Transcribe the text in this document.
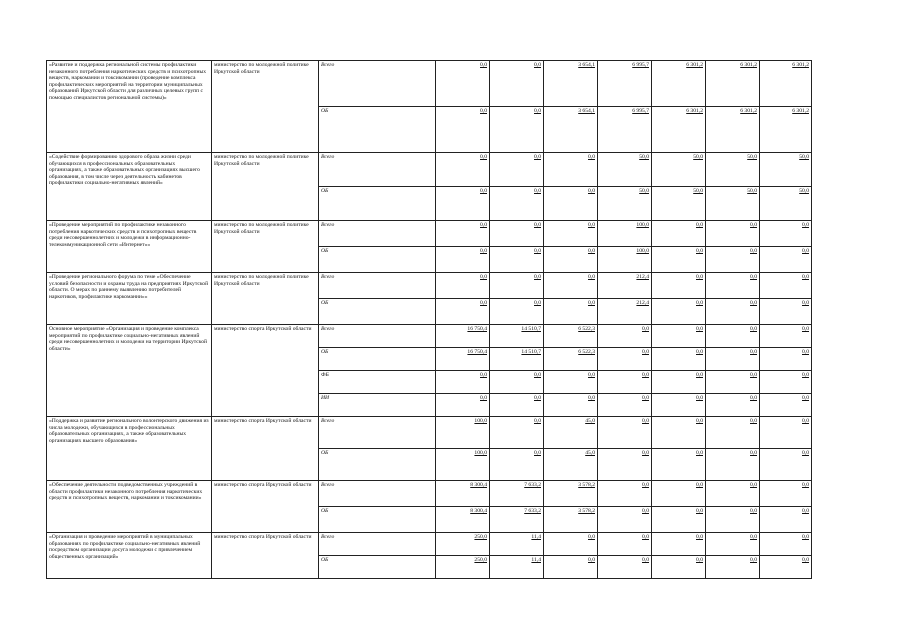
«Развитие и поддержка региональной системы профилактики незаконного потребления наркотических средств и психотропных веществ, наркомании и токсикомании (проведение комплекса профилактических мероприятий на территории муниципальных образований Иркутской области для различных целевых групп с помощью специалистов региональной системы)»	министерство по молодежной политике Иркутской области	Всего	0,0	0,0	3 654,1	6 995,7	6 301,2	6 301,2	6 301,2
		ОБ	0,0	0,0	3 654,1	6 995,7	6 301,2	6 301,2	6 301,2
«Содействие формированию здорового образа жизни среди обучающихся в профессиональных образовательных организациях, а также образовательных организациях высшего образования, в том числе через деятельность кабинетов профилактики социально-негативных явлений»	министерство по молодежной политике Иркутской области	Всего	0,0	0,0	0,0	50,0	50,0	50,0	50,0
		ОБ	0,0	0,0	0,0	50,0	50,0	50,0	50,0
«Проведение мероприятий по профилактике незаконного потребления наркотических средств и психотропных веществ среди несовершеннолетних и молодежи в информационно-телекоммуникационной сети «Интернет»»	министерство по молодежной политике Иркутской области	Всего	0,0	0,0	0,0	100,0	0,0	0,0	0,0
		ОБ	0,0	0,0	0,0	100,0	0,0	0,0	0,0
«Проведение регионального форума по теме «Обеспечение условий безопасности и охраны труда на предприятиях Иркутской области. О мерах по раннему выявлению потребителей наркотиков, профилактике наркомании»»	министерство по молодежной политике Иркутской области	Всего	0,0	0,0	0,0	212,4	0,0	0,0	0,0
		ОБ	0,0	0,0	0,0	212,4	0,0	0,0	0,0
Основное мероприятие «Организация и проведение комплекса мероприятий по профилактике социально-негативных явлений среди несовершеннолетних и молодежи на территории Иркутской области»	министерство спорта Иркутской области	Всего	16 750,4	14 510,7	6 522,3	0,0	0,0	0,0	0,0
		ОБ	16 750,4	14 510,7	6 522,3	0,0	0,0	0,0	0,0
		ФБ	0,0	0,0	0,0	0,0	0,0	0,0	0,0
		ИИ	0,0	0,0	0,0	0,0	0,0	0,0	0,0
«Поддержка и развитие регионального волонтерского движения из числа молодежи, обучающихся в профессиональных образовательных организациях, а также образовательных организациях высшего образования»	министерство спорта Иркутской области	Всего	100,0	0,0	45,0	0,0	0,0	0,0	0,0
		ОБ	100,0	0,0	45,0	0,0	0,0	0,0	0,0
«Обеспечение деятельности подведомственных учреждений в области профилактики незаконного потребления наркотических средств и психотропных веществ, наркомании и токсикомании»	министерство спорта Иркутской области	Всего	8 300,4	7 633,2	3 578,2	0,0	0,0	0,0	0,0
		ОБ	8 300,4	7 633,2	3 578,2	0,0	0,0	0,0	0,0
«Организация и проведение мероприятий в муниципальных образованиях по профилактике социально-негативных явлений посредством организации досуга молодежи с привлечением общественных организаций»	министерство спорта Иркутской области	Всего	250,0	11,4	0,0	0,0	0,0	0,0	0,0
		ОБ	250,0	11,4	0,0	0,0	0,0	0,0	0,0
